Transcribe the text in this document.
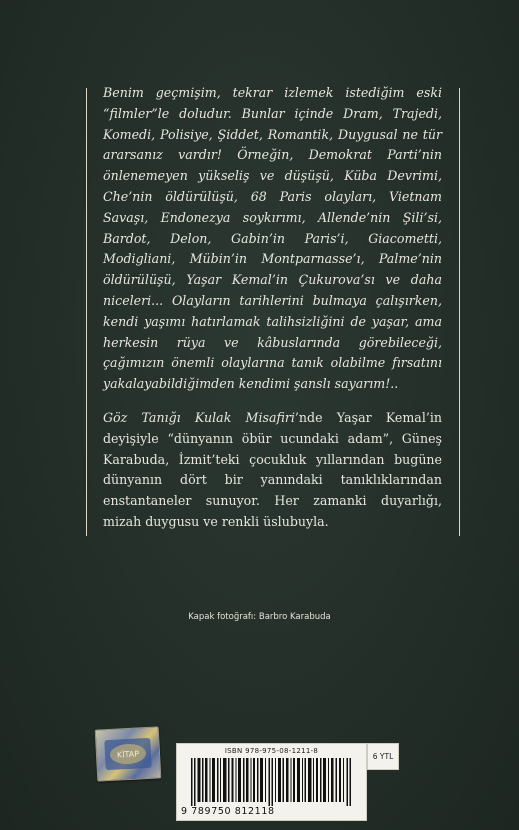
Benim geçmişim, tekrar izlemek istediğim eski “filmler”le doludur. Bunlar içinde Dram, Trajedi, Komedi, Polisiye, Şiddet, Romantik, Duygusal ne tür ararsanız vardır! Örneğin, Demokrat Parti’nin önlenemeyen yükseliş ve düşüşü, Küba Devrimi, Che’nin öldürülüşü, 68 Paris olayları, Vietnam Savaşı, Endonezya soykırımı, Allende’nin Şili’si, Bardot, Delon, Gabin’in Paris’i, Giacometti, Modigliani, Mübin’in Montparnasse’ı, Palme’nin öldürülüşü, Yaşar Kemal’in Çukurova’sı ve daha niceleri... Olayların tarihlerini bulmaya çalışırken, kendi yaşımı hatırlamak talihsizliğini de yaşar, ama herkesin rüya ve kâbuslarında görebileceği, çağımızın önemli olaylarına tanık olabilme fırsatını yakalayabildiğimden kendimi şanslı sayarım!..

Göz Tanığı Kulak Misafiri’nde Yaşar Kemal’in deyişiyle “dünyanın öbür ucundaki adam”, Güneş Karabuda, İzmit’teki çocukluk yıllarından bugüne dünyanın dört bir yanındaki tanıklıklarından enstantaneler sunuyor. Her zamanki duyarlığı, mizah duygusu ve renkli üslubuyla.

Kapak fotoğrafı: Barbro Karabuda
KİTAP	ISBN 978-975-08-1211-8
9 789750 812118
6 YTL
